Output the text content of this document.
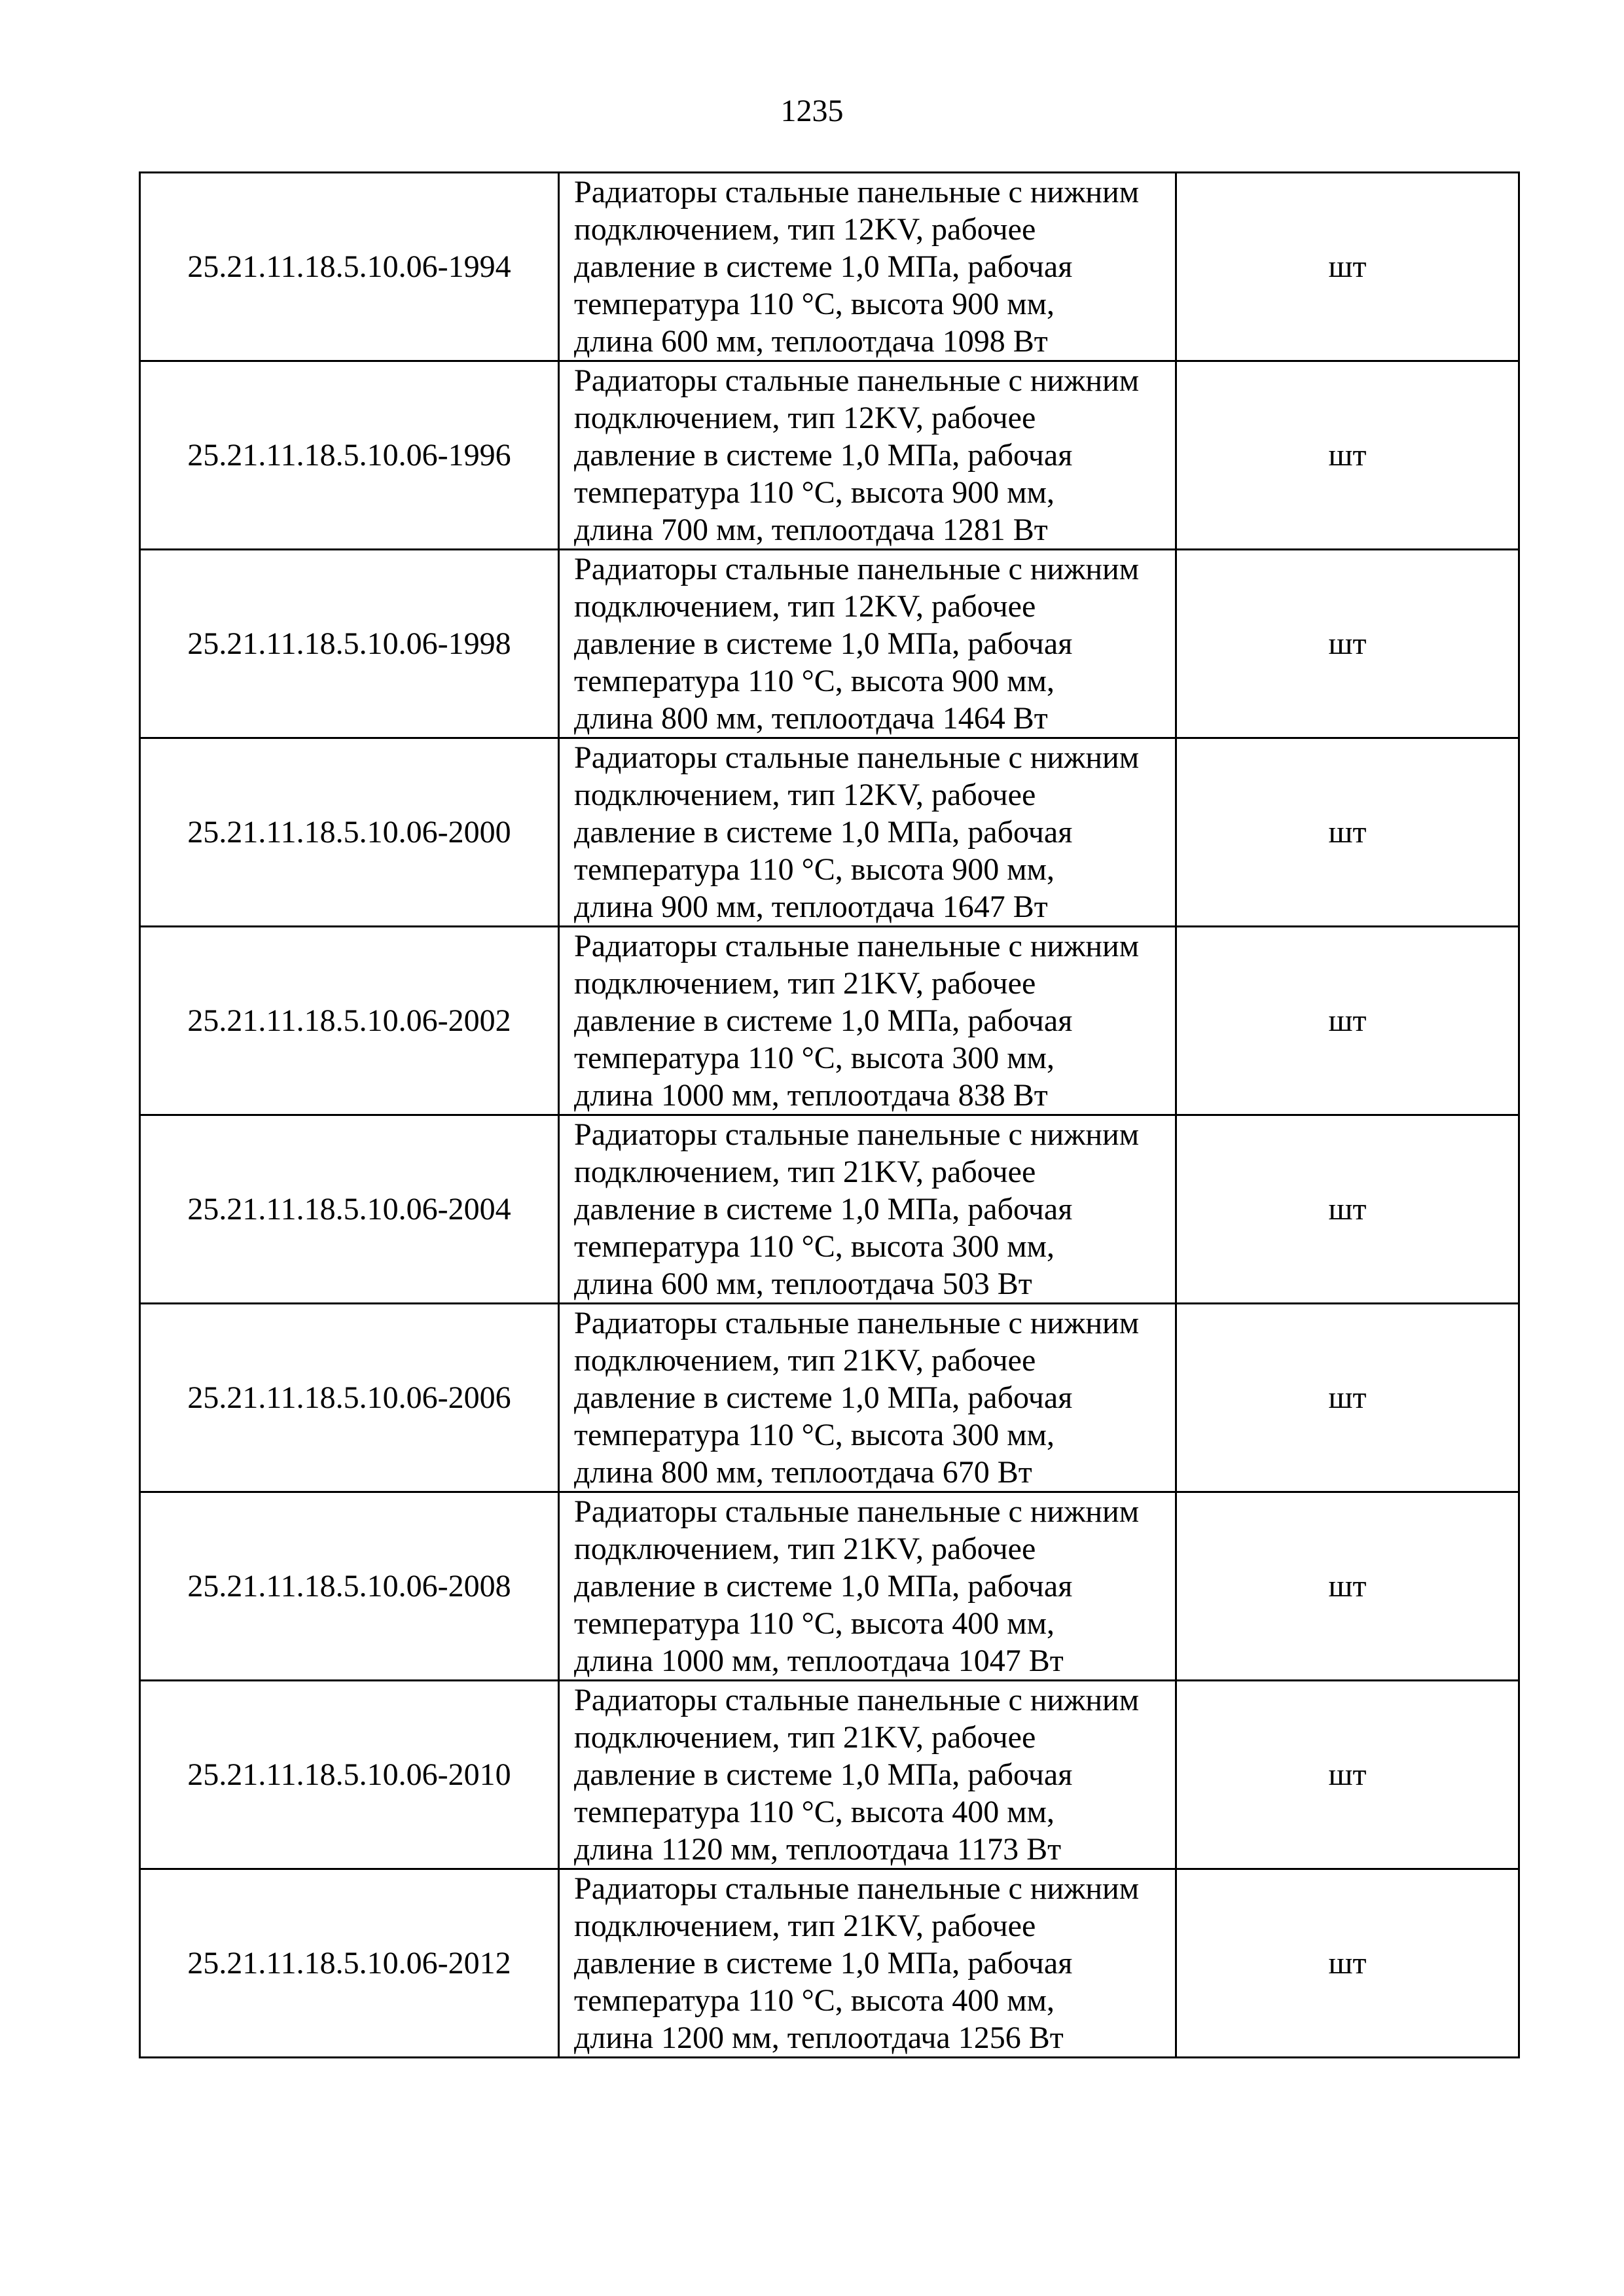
1235
25.21.11.18.5.10.06-1994	Радиаторы стальные панельные с нижним
подключением, тип 12KV, рабочее
давление в системе 1,0 МПа, рабочая
температура 110 °С, высота 900 мм,
длина 600 мм, теплоотдача 1098 Вт	шт
25.21.11.18.5.10.06-1996	Радиаторы стальные панельные с нижним
подключением, тип 12KV, рабочее
давление в системе 1,0 МПа, рабочая
температура 110 °С, высота 900 мм,
длина 700 мм, теплоотдача 1281 Вт	шт
25.21.11.18.5.10.06-1998	Радиаторы стальные панельные с нижним
подключением, тип 12KV, рабочее
давление в системе 1,0 МПа, рабочая
температура 110 °С, высота 900 мм,
длина 800 мм, теплоотдача 1464 Вт	шт
25.21.11.18.5.10.06-2000	Радиаторы стальные панельные с нижним
подключением, тип 12KV, рабочее
давление в системе 1,0 МПа, рабочая
температура 110 °С, высота 900 мм,
длина 900 мм, теплоотдача 1647 Вт	шт
25.21.11.18.5.10.06-2002	Радиаторы стальные панельные с нижним
подключением, тип 21KV, рабочее
давление в системе 1,0 МПа, рабочая
температура 110 °С, высота 300 мм,
длина 1000 мм, теплоотдача 838 Вт	шт
25.21.11.18.5.10.06-2004	Радиаторы стальные панельные с нижним
подключением, тип 21KV, рабочее
давление в системе 1,0 МПа, рабочая
температура 110 °С, высота 300 мм,
длина 600 мм, теплоотдача 503 Вт	шт
25.21.11.18.5.10.06-2006	Радиаторы стальные панельные с нижним
подключением, тип 21KV, рабочее
давление в системе 1,0 МПа, рабочая
температура 110 °С, высота 300 мм,
длина 800 мм, теплоотдача 670 Вт	шт
25.21.11.18.5.10.06-2008	Радиаторы стальные панельные с нижним
подключением, тип 21KV, рабочее
давление в системе 1,0 МПа, рабочая
температура 110 °С, высота 400 мм,
длина 1000 мм, теплоотдача 1047 Вт	шт
25.21.11.18.5.10.06-2010	Радиаторы стальные панельные с нижним
подключением, тип 21KV, рабочее
давление в системе 1,0 МПа, рабочая
температура 110 °С, высота 400 мм,
длина 1120 мм, теплоотдача 1173 Вт	шт
25.21.11.18.5.10.06-2012	Радиаторы стальные панельные с нижним
подключением, тип 21KV, рабочее
давление в системе 1,0 МПа, рабочая
температура 110 °С, высота 400 мм,
длина 1200 мм, теплоотдача 1256 Вт	шт
